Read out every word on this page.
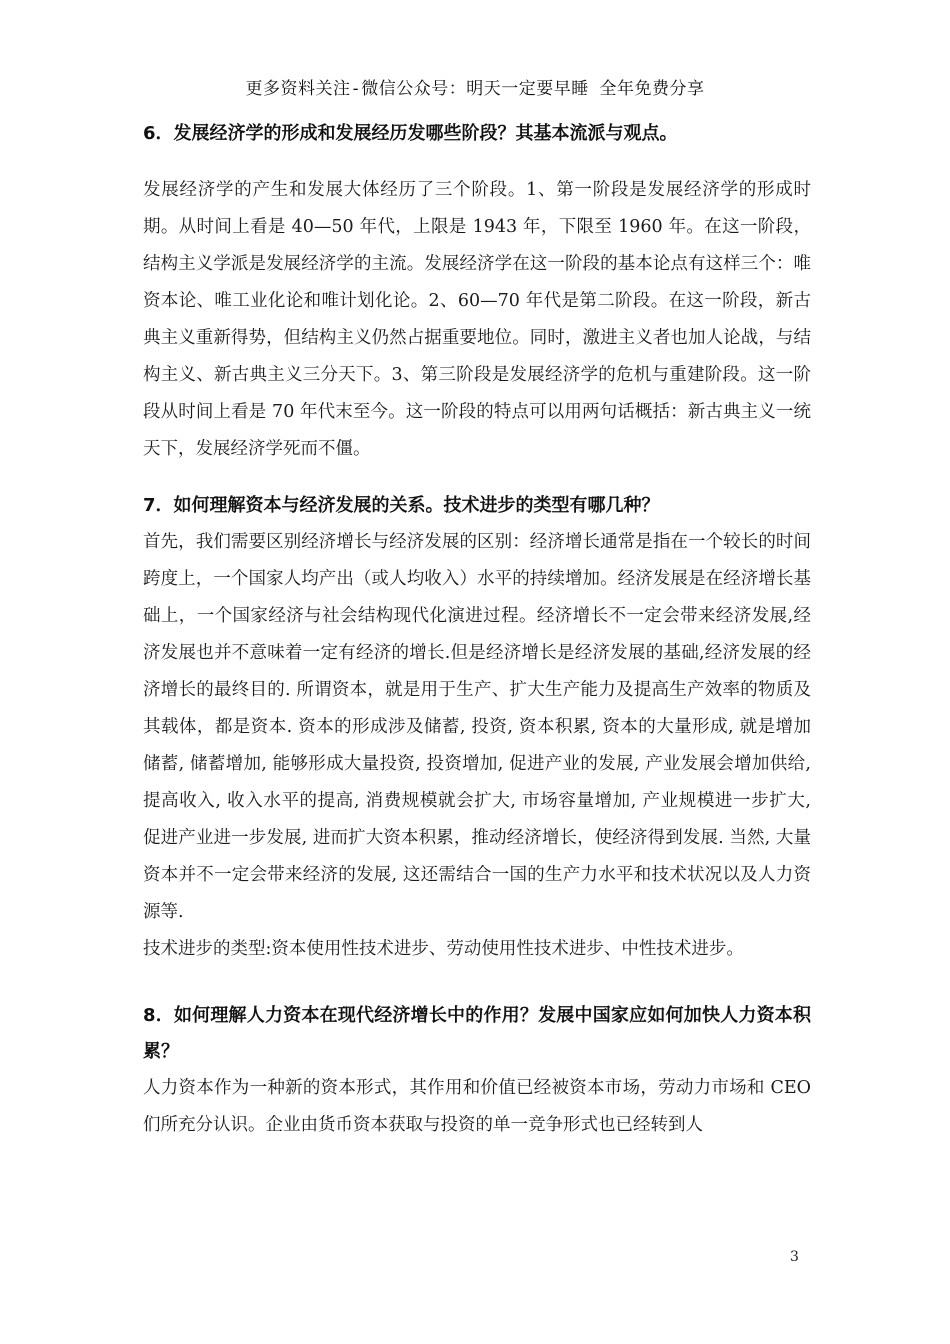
更多资料关注-微信公众号：明天一定要早睡 全年免费分享

6．发展经济学的形成和发展经历发哪些阶段？其基本流派与观点。

发展经济学的产生和发展大体经历了三个阶段。1、第一阶段是发展经济学的形成时期。从时间上看是 40—50 年代，上限是 1943 年，下限至 1960 年。在这一阶段，结构主义学派是发展经济学的主流。发展经济学在这一阶段的基本论点有这样三个：唯资本论、唯工业化论和唯计划化论。2、60—70 年代是第二阶段。在这一阶段，新古典主义重新得势，但结构主义仍然占据重要地位。同时，激进主义者也加人论战，与结构主义、新古典主义三分天下。3、第三阶段是发展经济学的危机与重建阶段。这一阶段从时间上看是 70 年代末至今。这一阶段的特点可以用两句话概括：新古典主义一统天下，发展经济学死而不僵。

7．如何理解资本与经济发展的关系。技术进步的类型有哪几种？

首先，我们需要区别经济增长与经济发展的区别：经济增长通常是指在一个较长的时间跨度上，一个国家人均产出（或人均收入）水平的持续增加。经济发展是在经济增长基础上，一个国家经济与社会结构现代化演进过程。经济增长不一定会带来经济发展,经济发展也并不意味着一定有经济的增长.但是经济增长是经济发展的基础,经济发展的经济增长的最终目的. 所谓资本，就是用于生产、扩大生产能力及提高生产效率的物质及其载体，都是资本. 资本的形成涉及储蓄, 投资, 资本积累, 资本的大量形成, 就是增加储蓄, 储蓄增加, 能够形成大量投资, 投资增加, 促进产业的发展, 产业发展会增加供给, 提高收入, 收入水平的提高, 消费规模就会扩大, 市场容量增加, 产业规模进一步扩大, 促进产业进一步发展, 进而扩大资本积累，推动经济增长，使经济得到发展. 当然, 大量资本并不一定会带来经济的发展, 这还需结合一国的生产力水平和技术状况以及人力资源等.

技术进步的类型:资本使用性技术进步、劳动使用性技术进步、中性技术进步。

8．如何理解人力资本在现代经济增长中的作用？发展中国家应如何加快人力资本积累？

人力资本作为一种新的资本形式，其作用和价值已经被资本市场，劳动力市场和 CEO 们所充分认识。企业由货币资本获取与投资的单一竞争形式也已经转到人

3
